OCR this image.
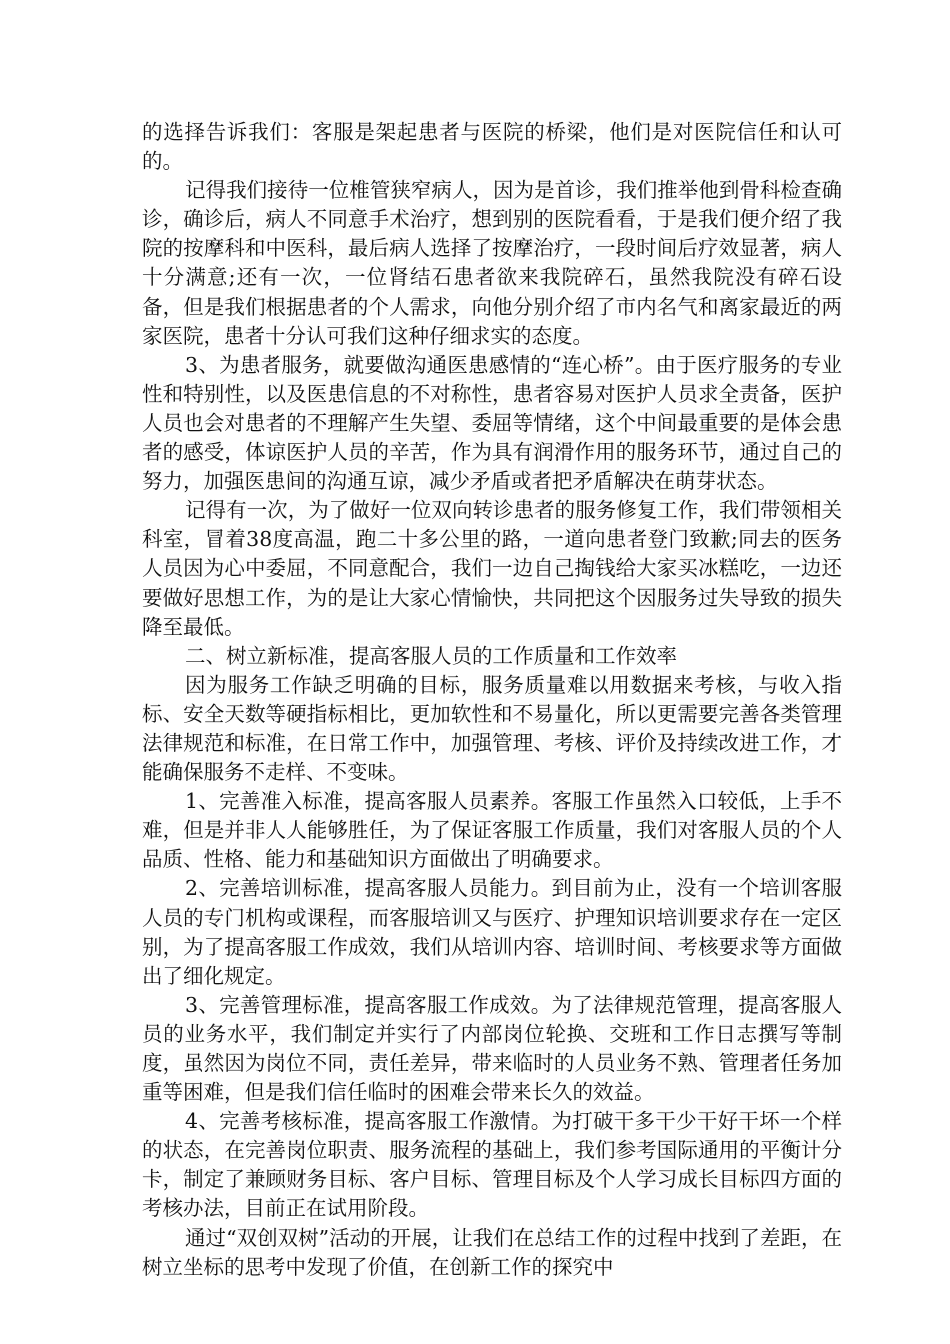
的选择告诉我们：客服是架起患者与医院的桥梁，他们是对医院信任和认可的。

记得我们接待一位椎管狭窄病人，因为是首诊，我们推举他到骨科检查确诊，确诊后，病人不同意手术治疗，想到别的医院看看，于是我们便介绍了我院的按摩科和中医科，最后病人选择了按摩治疗，一段时间后疗效显著，病人十分满意;还有一次，一位肾结石患者欲来我院碎石，虽然我院没有碎石设备，但是我们根据患者的个人需求，向他分别介绍了市内名气和离家最近的两家医院，患者十分认可我们这种仔细求实的态度。

3、为患者服务，就要做沟通医患感情的“连心桥”。由于医疗服务的专业性和特别性，以及医患信息的不对称性，患者容易对医护人员求全责备，医护人员也会对患者的不理解产生失望、委屈等情绪，这个中间最重要的是体会患者的感受，体谅医护人员的辛苦，作为具有润滑作用的服务环节，通过自己的努力，加强医患间的沟通互谅，减少矛盾或者把矛盾解决在萌芽状态。

记得有一次，为了做好一位双向转诊患者的服务修复工作，我们带领相关科室，冒着38度高温，跑二十多公里的路，一道向患者登门致歉;同去的医务人员因为心中委屈，不同意配合，我们一边自己掏钱给大家买冰糕吃，一边还要做好思想工作，为的是让大家心情愉快，共同把这个因服务过失导致的损失降至最低。

二、树立新标准，提高客服人员的工作质量和工作效率

因为服务工作缺乏明确的目标，服务质量难以用数据来考核，与收入指标、安全天数等硬指标相比，更加软性和不易量化，所以更需要完善各类管理法律规范和标准，在日常工作中，加强管理、考核、评价及持续改进工作，才能确保服务不走样、不变味。

1、完善准入标准，提高客服人员素养。客服工作虽然入口较低，上手不难，但是并非人人能够胜任，为了保证客服工作质量，我们对客服人员的个人品质、性格、能力和基础知识方面做出了明确要求。

2、完善培训标准，提高客服人员能力。到目前为止，没有一个培训客服人员的专门机构或课程，而客服培训又与医疗、护理知识培训要求存在一定区别，为了提高客服工作成效，我们从培训内容、培训时间、考核要求等方面做出了细化规定。

3、完善管理标准，提高客服工作成效。为了法律规范管理，提高客服人员的业务水平，我们制定并实行了内部岗位轮换、交班和工作日志撰写等制度，虽然因为岗位不同，责任差异，带来临时的人员业务不熟、管理者任务加重等困难，但是我们信任临时的困难会带来长久的效益。

4、完善考核标准，提高客服工作激情。为打破干多干少干好干坏一个样的状态，在完善岗位职责、服务流程的基础上，我们参考国际通用的平衡计分卡，制定了兼顾财务目标、客户目标、管理目标及个人学习成长目标四方面的考核办法，目前正在试用阶段。

通过“双创双树”活动的开展，让我们在总结工作的过程中找到了差距，在树立坐标的思考中发现了价值，在创新工作的探究中
